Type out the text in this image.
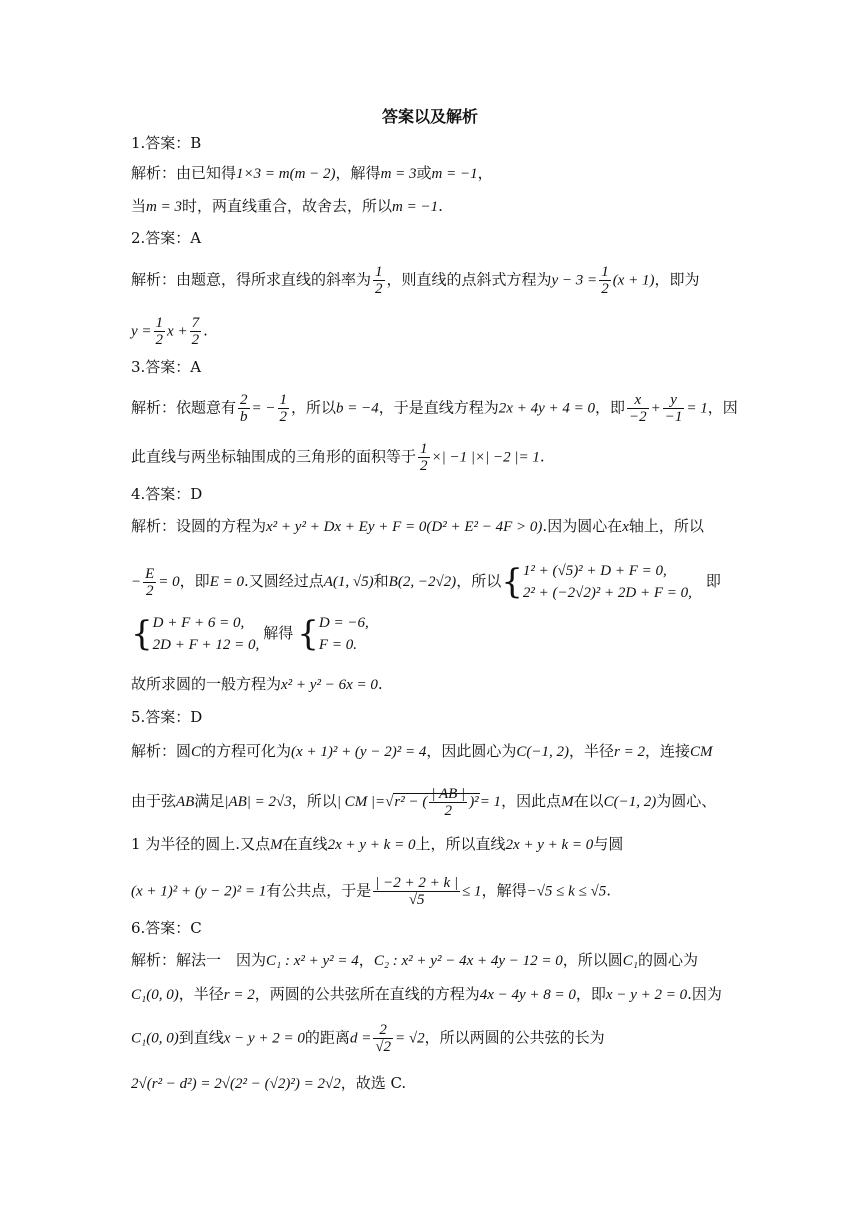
答案以及解析
1.答案：B
解析：由已知得1×3 = m(m − 2)，解得m = 3或m = −1，
当m = 3时，两直线重合，故舍去，所以m = −1.
2.答案：A
解析：由题意，得所求直线的斜率为 $\frac{1}{2}$ ，则直线的点斜式方程为$y - 3 = \frac{1}{2} (x + 1)$，即为
$y = \frac{1}{2}$ $x + \frac{7}{2}$ .
3.答案：A
解析：依题意有 $\frac{2}{b}$ = − $\frac{1}{2}$ ，所以b = −4，于是直线方程为2x + 4y + 4 = 0，即 $\frac{x}{-2} + \frac{y}{-1} = 1$，因
此直线与两坐标轴围成的三角形的面积等于 $\frac{1}{2}$ ×| −1 |×| −2 |= 1.
4.答案：D
解析：设圆的方程为x² + y² + Dx + Ey + F = 0(D² + E² − 4F > 0).因为圆心在x轴上，所以
− $\frac{E}{2} = 0$，即E = 0.又圆经过点A(1, √5)和B(2, −2√2)，所以{ 1² + (√5)² + D + F = 0,
2² + (−2√2)² + 2D + F = 0,
即
{ D + F + 6 = 0,
2D + F + 12 = 0,
解得 { D = −6,
F = 0.
故所求圆的一般方程为x² + y² − 6x = 0.
5.答案：D
解析：圆C的方程可化为(x + 1)² + (y − 2)² = 4，因此圆心为C(−1, 2)，半径r = 2，连接CM
由于弦AB满足|AB| = 2√3，所以| CM |=√r² − ( $\frac{| AB |}{2} )^2= 1$，因此点M在以C(−1, 2)为圆心、
1 为半径的圆上.又点M在直线2x + y + k = 0上，所以直线2x + y + k = 0与圆
(x + 1)² + (y − 2)² = 1有公共点，于是 $\frac{| -2 + 2 + k |}{√5} \le 1$，解得−√5 ≤ k ≤ √5.
6.答案：C
解析：解法一　因为C₁ : x² + y² = 4，C₂ : x² + y² − 4x + 4y − 12 = 0，所以圆C₁的圆心为
C₁(0, 0)，半径r = 2，两圆的公共弦所在直线的方程为4x − 4y + 8 = 0，即x − y + 2 = 0.因为
C₁(0, 0)到直线x − y + 2 = 0的距离$d = \frac{2}{√2} = √2$，所以两圆的公共弦的长为
2√(r² − d²) = 2√(2² − (√2)²) = 2√2，故选 C.
